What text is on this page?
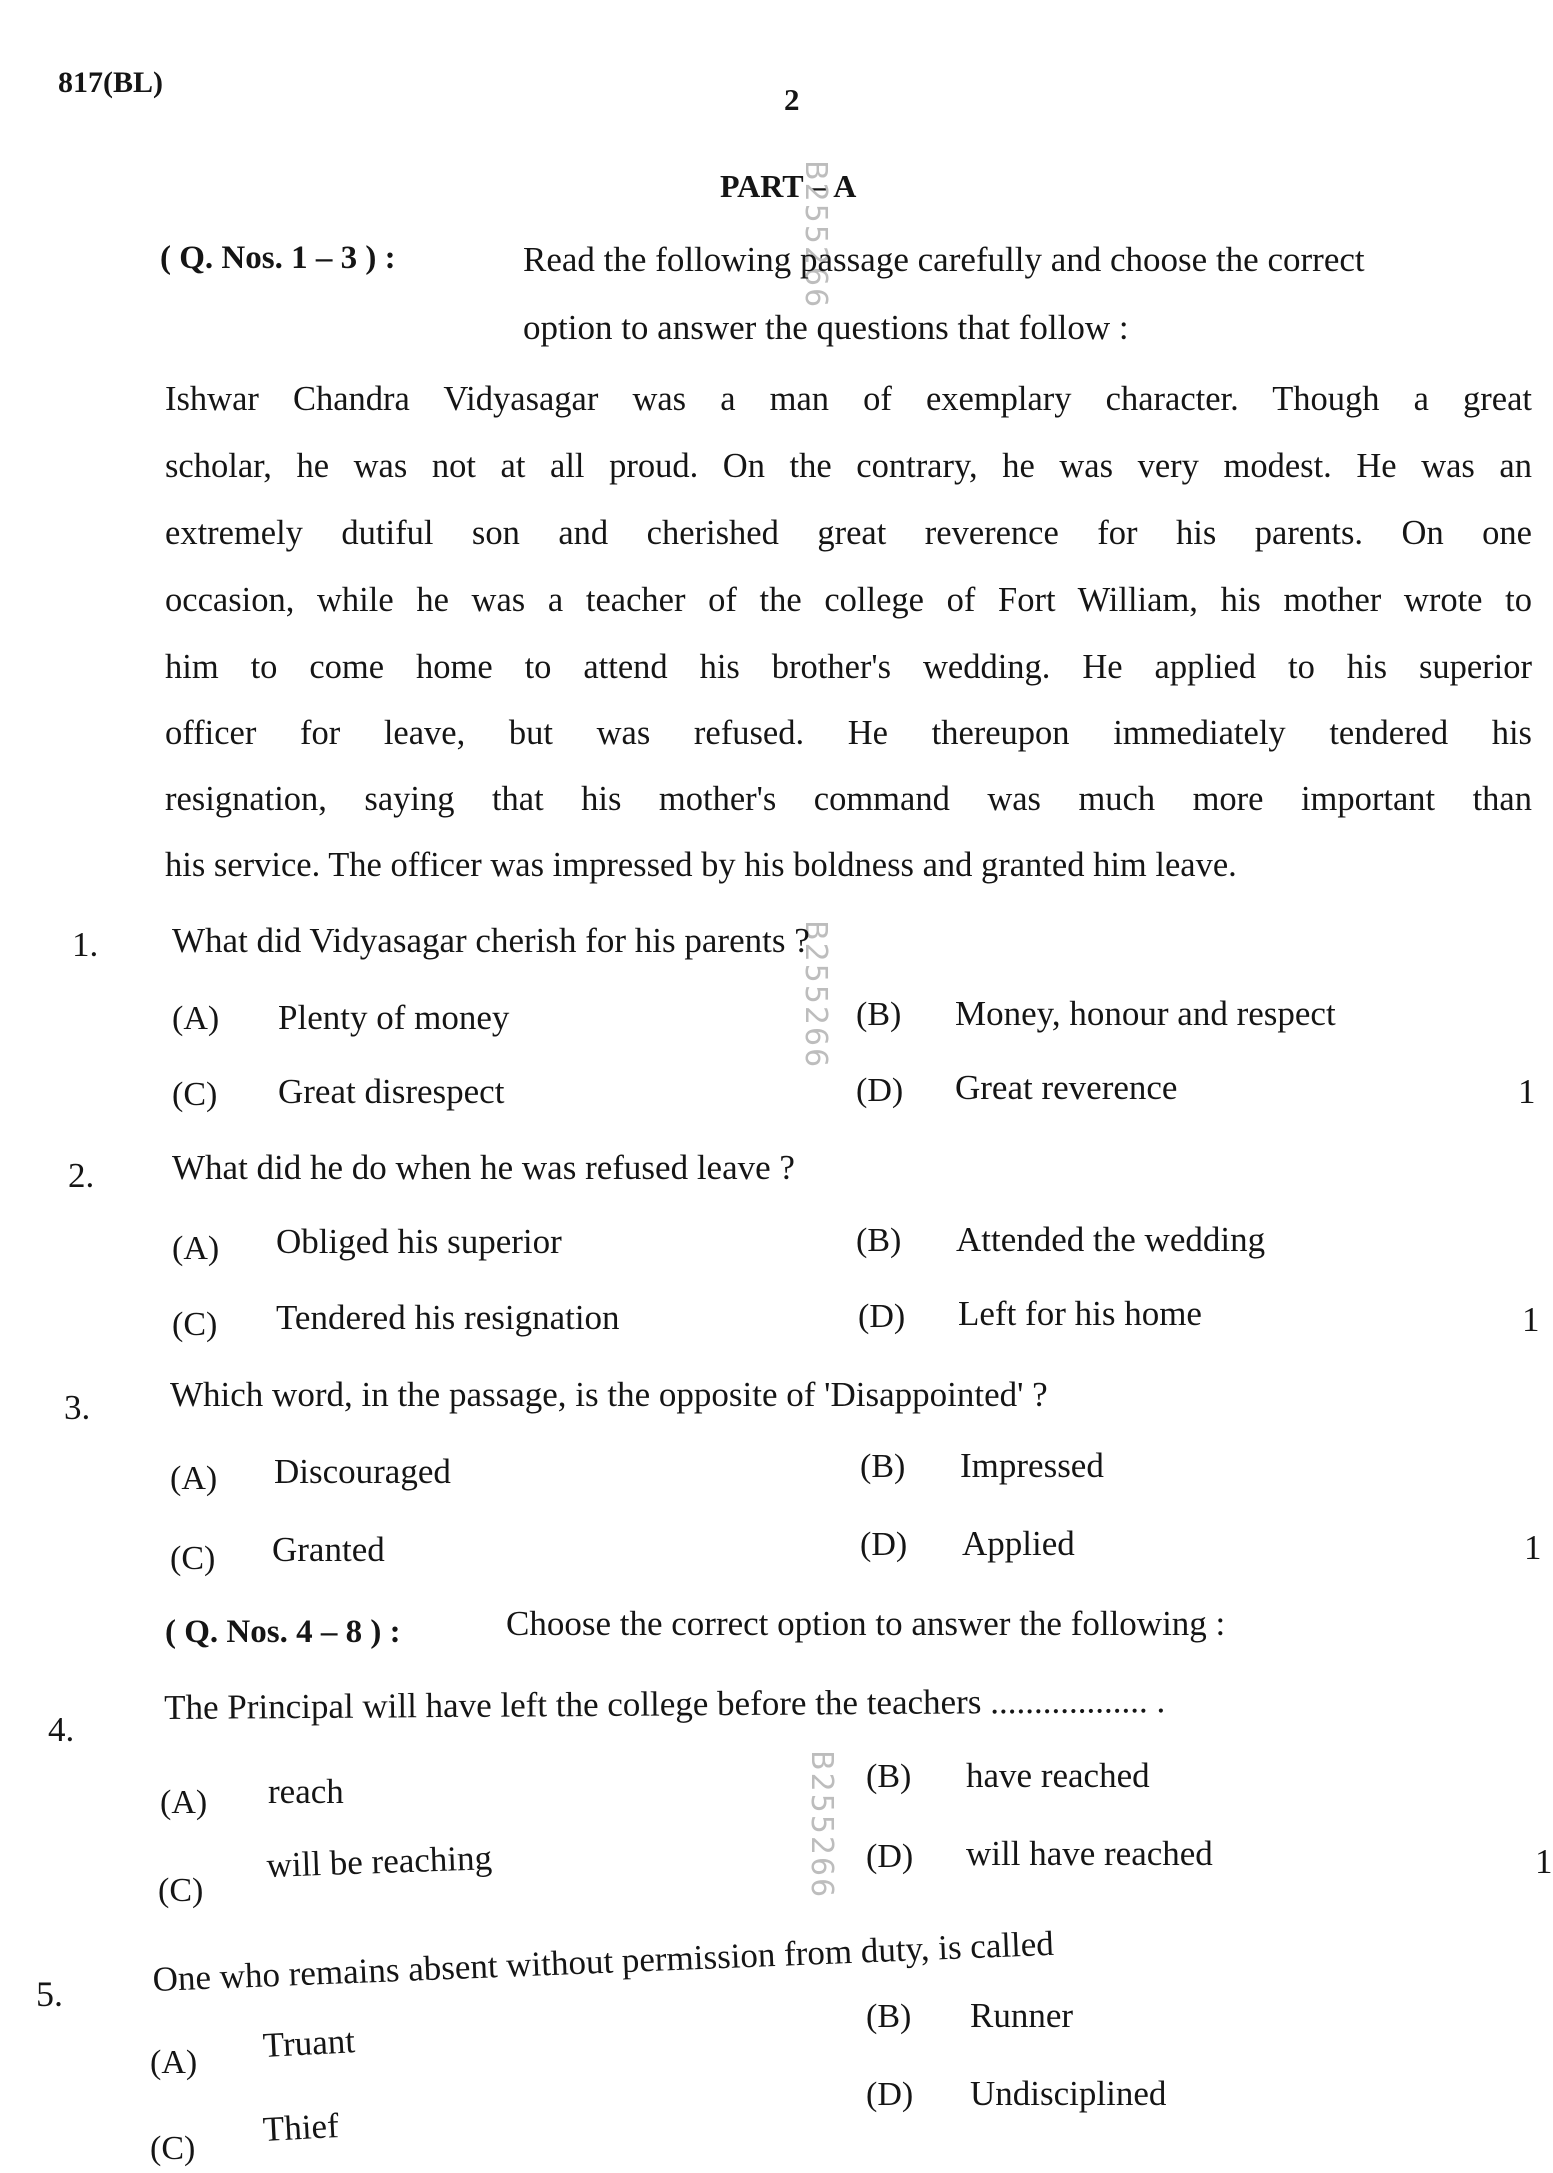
817(BL)	2
PART – A
B255266
B255266
B255266
( Q. Nos. 1 – 3 ) :	Read the following passage carefully and choose the correct
option to answer the questions that follow :
Ishwar Chandra Vidyasagar was a man of exemplary character. Though a great
scholar, he was not at all proud. On the contrary, he was very modest. He was an
extremely dutiful son and cherished great reverence for his parents. On one
occasion, while he was a teacher of the college of Fort William, his mother wrote to
him to come home to attend his brother's wedding. He applied to his superior
officer for leave, but was refused. He thereupon immediately tendered his
resignation, saying that his mother's command was much more important than
his service. The officer was impressed by his boldness and granted him leave.
1. What did Vidyasagar cherish for his parents ?
(A) Plenty of money	(B) Money, honour and respect
(C) Great disrespect	(D) Great reverence	1
2. What did he do when he was refused leave ?
(A) Obliged his superior	(B) Attended the wedding
(C) Tendered his resignation	(D) Left for his home	1
3. Which word, in the passage, is the opposite of 'Disappointed' ?
(A) Discouraged	(B) Impressed
(C) Granted	(D) Applied	1
( Q. Nos. 4 – 8 ) :	Choose the correct option to answer the following :
4.
The Principal will have left the college before the teachers .................. .
(A) reach	(B) have reached
(C)
will be reaching	(D) will have reached	1
5.	One who remains absent without permission from duty, is called
(A) Truant
(B) Runner
(C) Thief
(D) Undisciplined
